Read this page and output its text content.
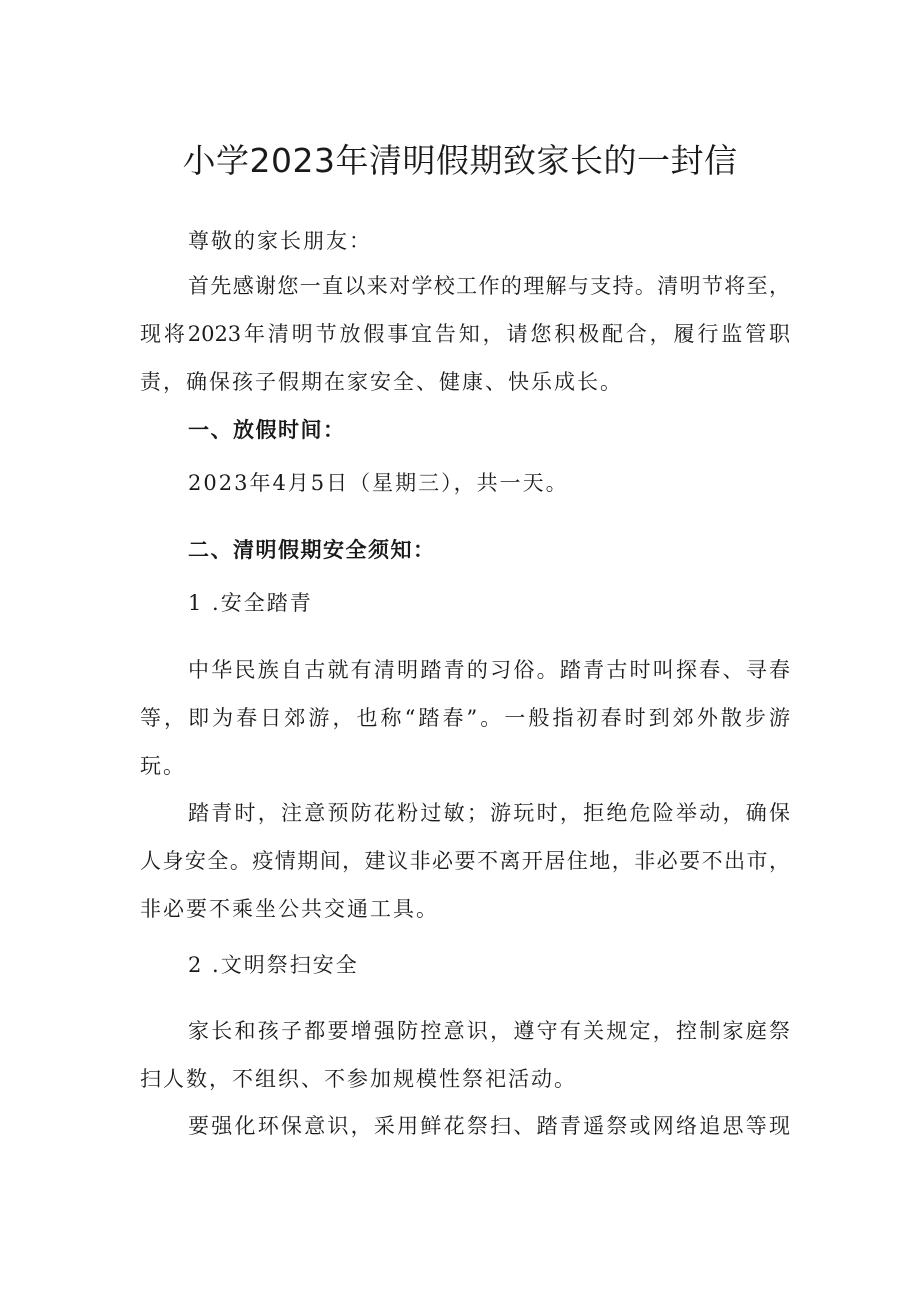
小学2023年清明假期致家长的一封信
尊敬的家长朋友：
首先感谢您一直以来对学校工作的理解与支持。清明节将至，
现将2023年清明节放假事宜告知，请您积极配合，履行监管职
责，确保孩子假期在家安全、健康、快乐成长。
一、放假时间：
2023年4月5日（星期三），共一天。
二、清明假期安全须知：
1 .安全踏青
中华民族自古就有清明踏青的习俗。踏青古时叫探春、寻春
等，即为春日郊游，也称“踏春”。一般指初春时到郊外散步游
玩。
踏青时，注意预防花粉过敏；游玩时，拒绝危险举动，确保
人身安全。疫情期间，建议非必要不离开居住地，非必要不出市，
非必要不乘坐公共交通工具。
2 .文明祭扫安全
家长和孩子都要增强防控意识，遵守有关规定，控制家庭祭
扫人数，不组织、不参加规模性祭祀活动。
要强化环保意识，采用鲜花祭扫、踏青遥祭或网络追思等现
